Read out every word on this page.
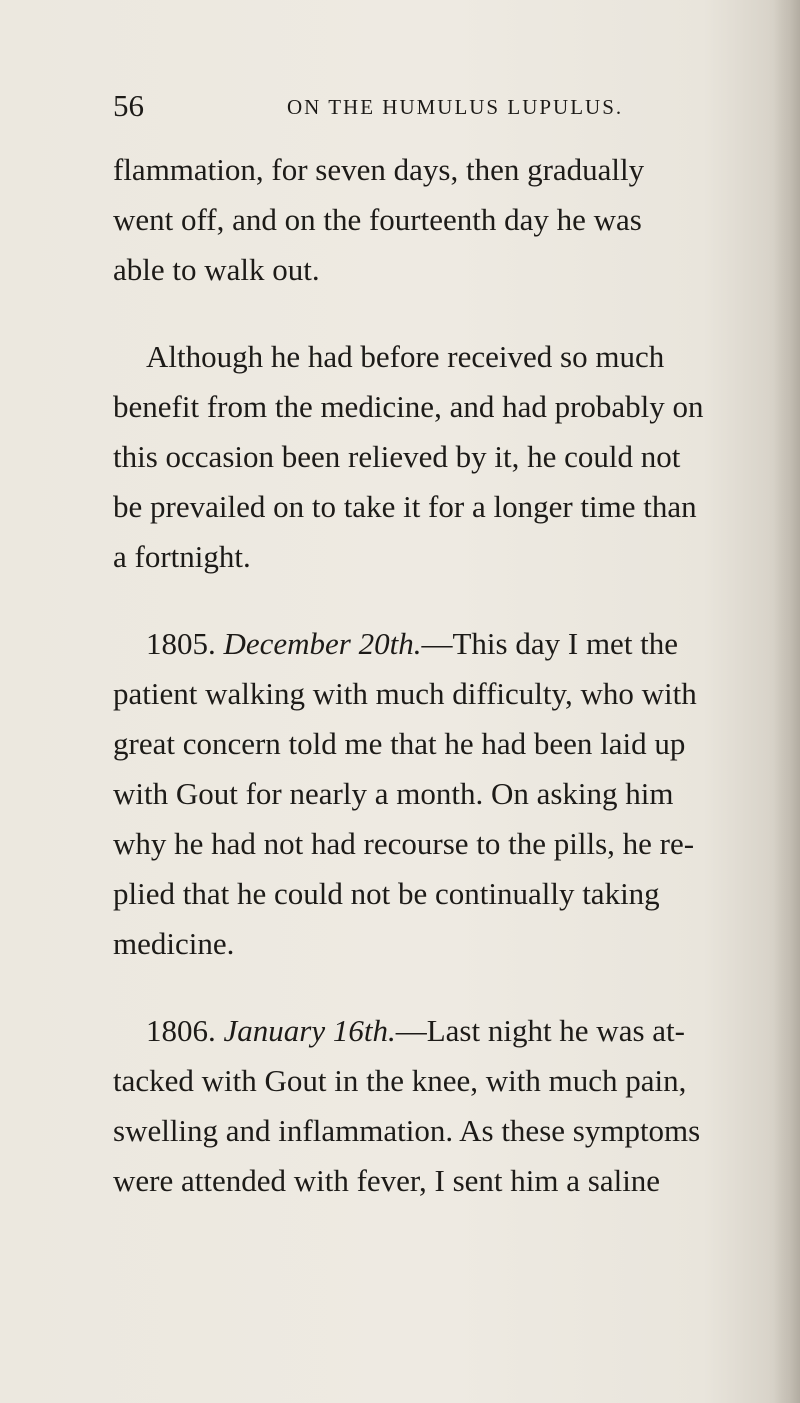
56	ON THE HUMULUS LUPULUS.
flammation, for seven days, then gradually
went off, and on the fourteenth day he was
able to walk out.
Although he had before received so much
benefit from the medicine, and had probably on
this occasion been relieved by it, he could not
be prevailed on to take it for a longer time than
a fortnight.
1805. December 20th.—This day I met the
patient walking with much difficulty, who with
great concern told me that he had been laid up
with Gout for nearly a month. On asking him
why he had not had recourse to the pills, he re-
plied that he could not be continually taking
medicine.
1806. January 16th.—Last night he was at-
tacked with Gout in the knee, with much pain,
swelling and inflammation. As these symptoms
were attended with fever, I sent him a saline
